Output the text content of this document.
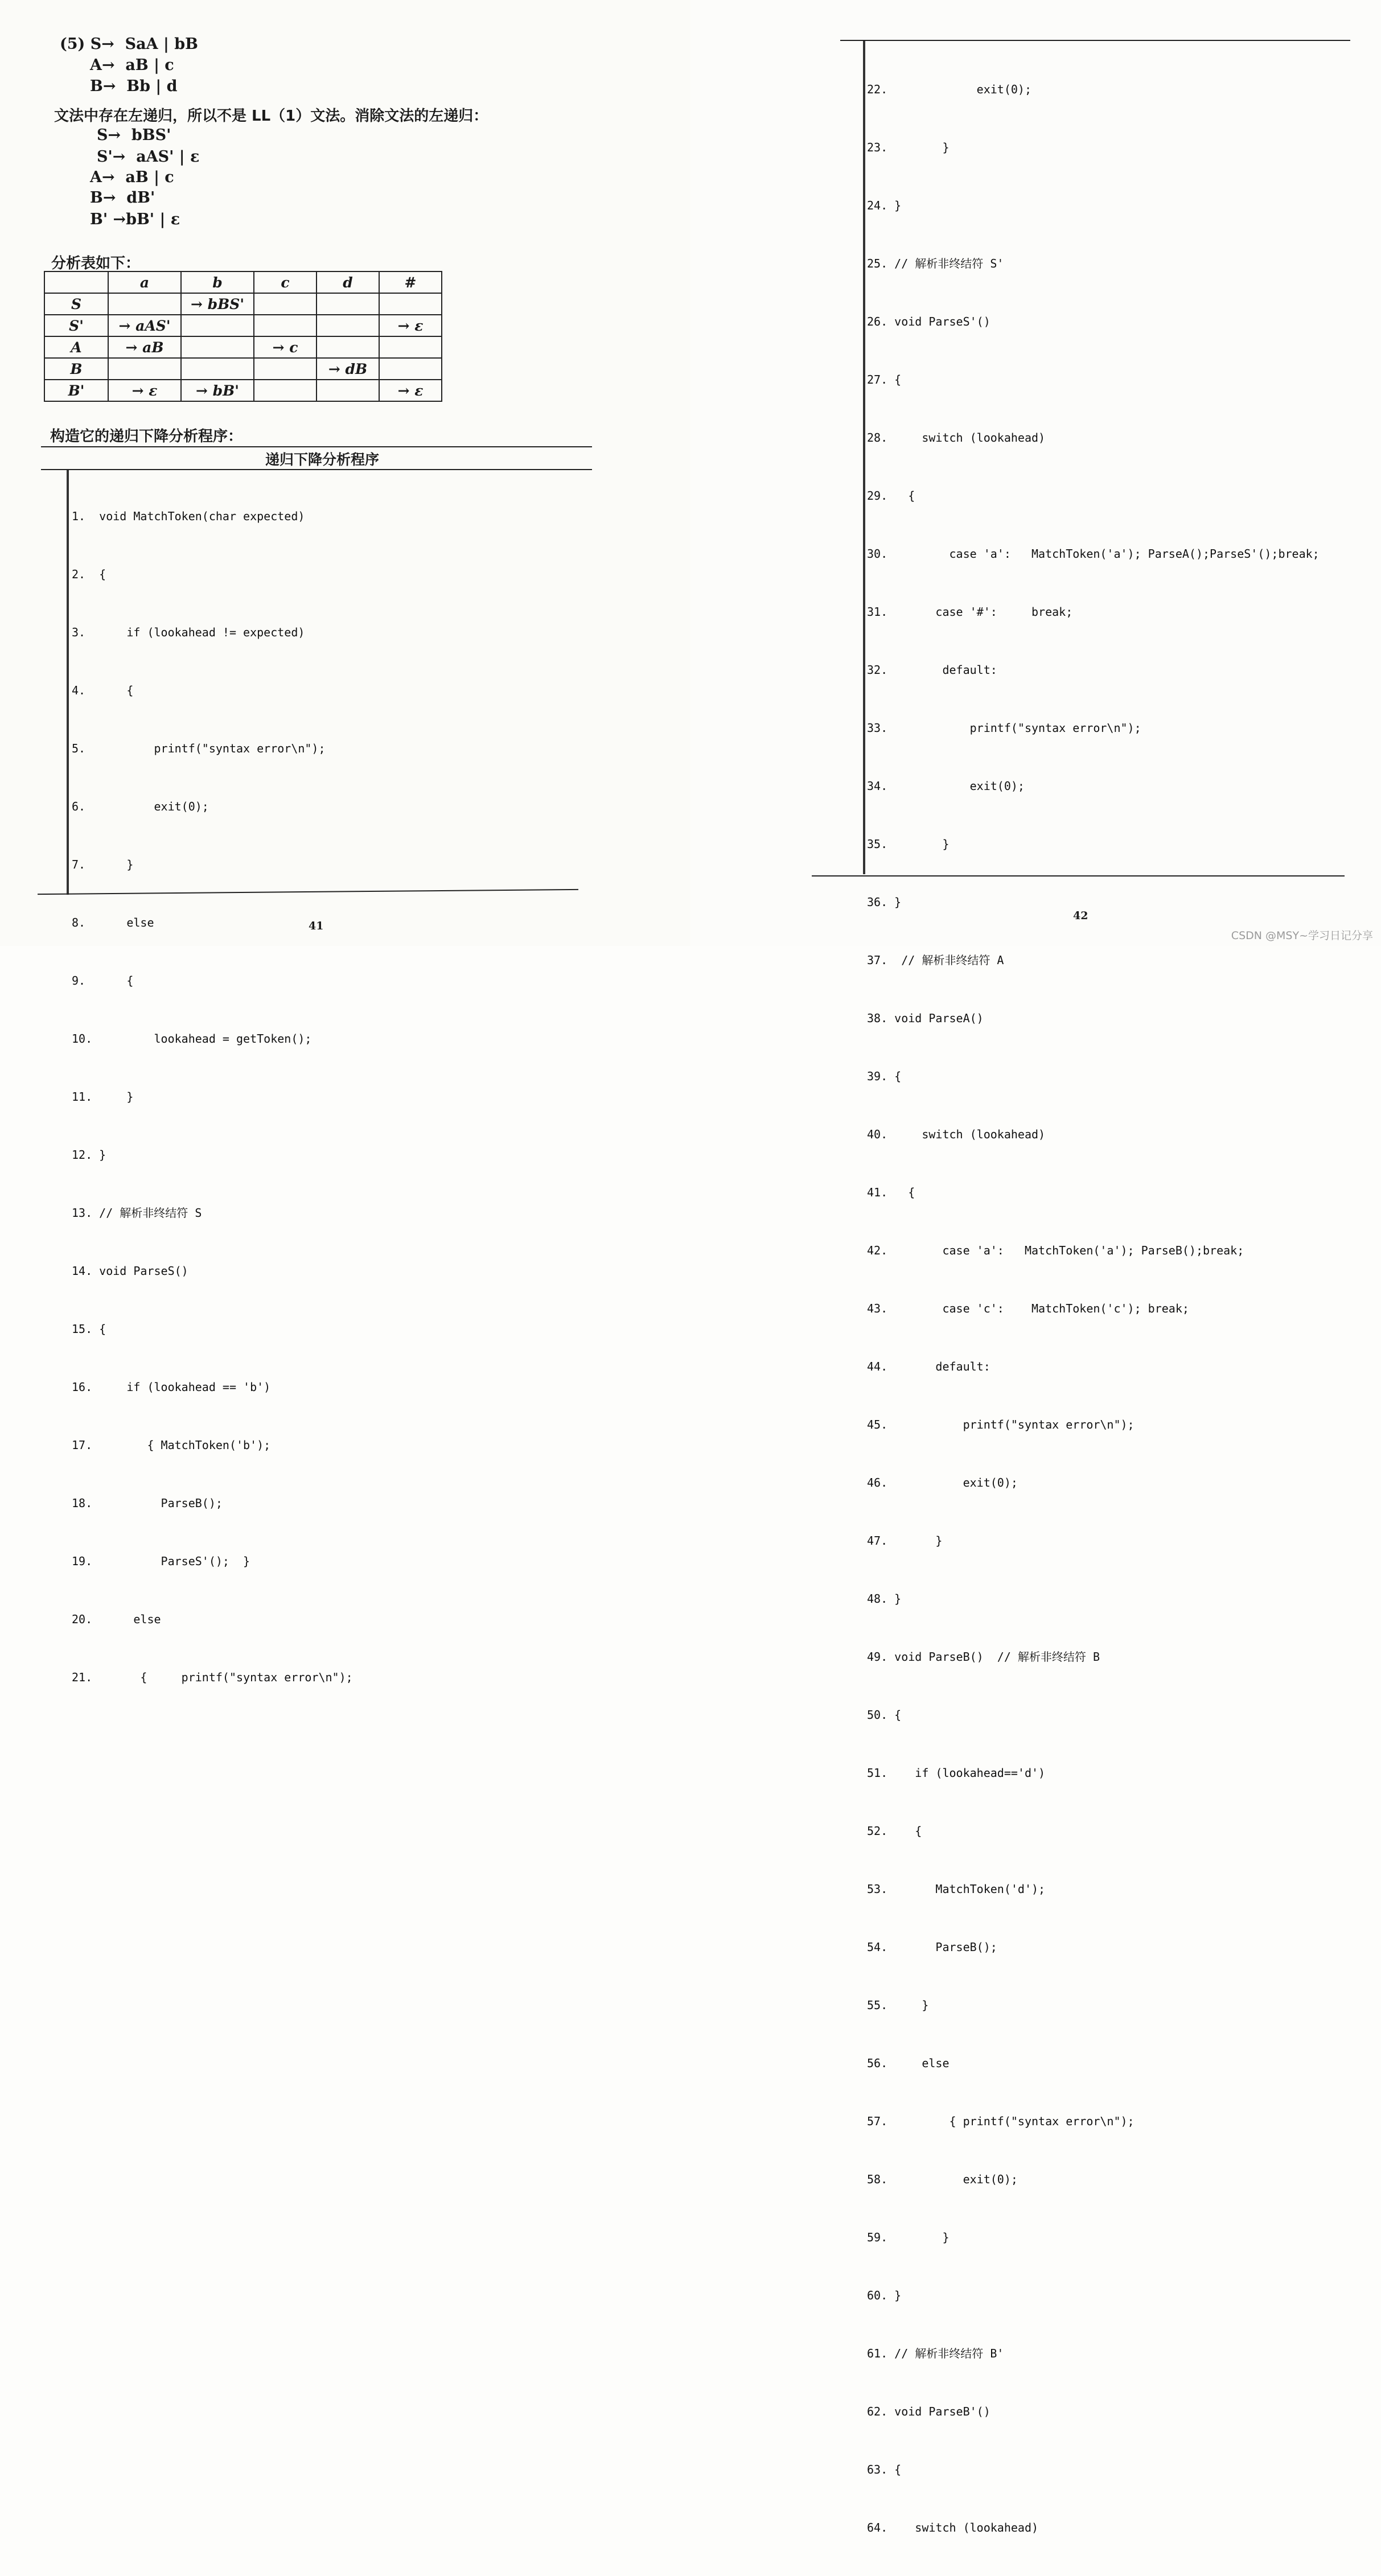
(5) S→  SaA | bB
A→  aB | c
B→  Bb | d
文法中存在左递归，所以不是 LL（1）文法。消除文法的左递归：
S→  bBS'
S'→  aAS' | ε
A→  aB | c
B→  dB'
B' →bB' | ε
分析表如下：
	a	b	c	d	#
S		→ bBS'			
S'	→ aAS'				→ ε
A	→ aB		→ c		
B				→ dB	
B'	→ ε	→ bB'			→ ε
构造它的递归下降分析程序：
递归下降分析程序

1.  void MatchToken(char expected)

2.  {

3.      if (lookahead != expected)

4.      {

5.          printf("syntax error\n");

6.          exit(0);

7.      }

8.      else

9.      {

10.         lookahead = getToken();

11.     }

12. }

13. // 解析非终结符 S

14. void ParseS()

15. {

16.     if (lookahead == 'b')

17.        { MatchToken('b');

18.          ParseB();

19.          ParseS'();  }

20.      else

21.       {     printf("syntax error\n");

41

22.             exit(0);

23.        }

24. }

25. // 解析非终结符 S'

26. void ParseS'()

27. {

28.     switch (lookahead)

29.   {

30.         case 'a':   MatchToken('a'); ParseA();ParseS'();break;

31.       case '#':     break;

32.        default:

33.            printf("syntax error\n");

34.            exit(0);

35.        }

36. }

37.  // 解析非终结符 A

38. void ParseA()

39. {

40.     switch (lookahead)

41.   {

42.        case 'a':   MatchToken('a'); ParseB();break;

43.        case 'c':    MatchToken('c'); break;

44.       default:

45.           printf("syntax error\n");

46.           exit(0);

47.       }

48. }

49. void ParseB()  // 解析非终结符 B

50. {

51.    if (lookahead=='d')

52.    {

53.       MatchToken('d');

54.       ParseB();

55.     }

56.     else

57.         { printf("syntax error\n");

58.           exit(0);

59.        }

60. }

61. // 解析非终结符 B'

62. void ParseB'()

63. {

64.    switch (lookahead)

42
CSDN @MSY~学习日记分享
